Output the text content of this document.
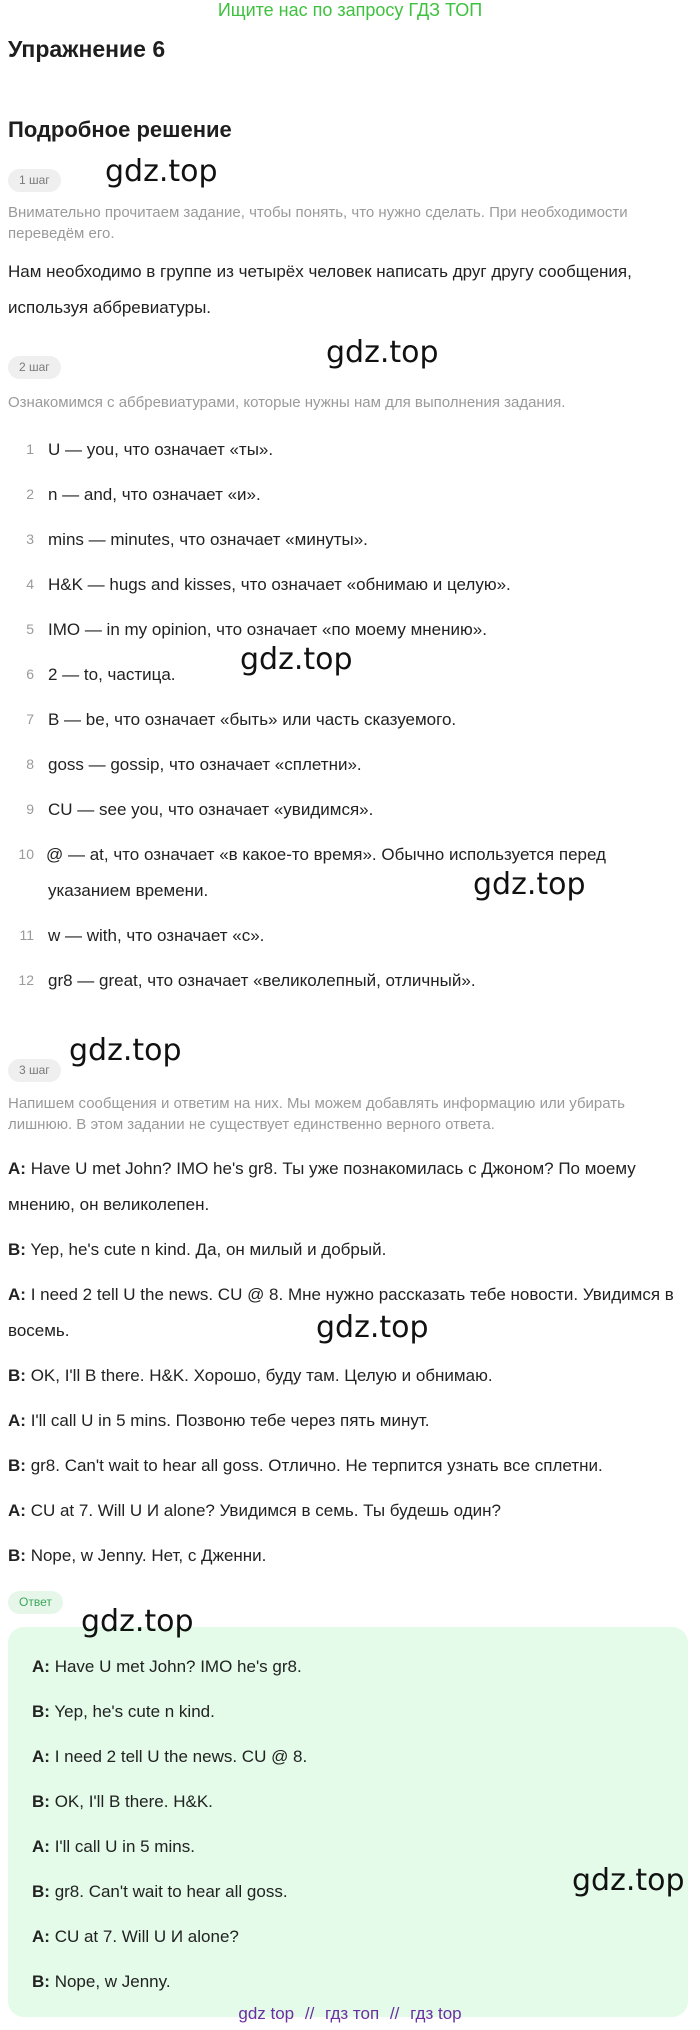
Ищите нас по запросу ГДЗ ТОП
Упражнение 6
Подробное решение
1 шаг
Внимательно прочитаем задание, чтобы понять, что нужно сделать. При необходимости переведём его.
Нам необходимо в группе из четырёх человек написать друг другу сообщения, используя аббревиатуры.
2 шаг
Ознакомимся с аббревиатурами, которые нужны нам для выполнения задания.
1 U — you, что означает «ты».
2 n — and, что означает «и».
3 mins — minutes, что означает «минуты».
4 H&K — hugs and kisses, что означает «обнимаю и целую».
5 IMO — in my opinion, что означает «по моему мнению».
6 2 — to, частица.
7 B — be, что означает «быть» или часть сказуемого.
8 goss — gossip, что означает «сплетни».
9 CU — see you, что означает «увидимся».
10 @ — at, что означает «в какое-то время». Обычно используется перед указанием времени.
11 w — with, что означает «с».
12 gr8 — great, что означает «великолепный, отличный».
3 шаг
Напишем сообщения и ответим на них. Мы можем добавлять информацию или убирать лишнюю. В этом задании не существует единственно верного ответа.
A: Have U met John? IMO he's gr8. Ты уже познакомилась с Джоном? По моему мнению, он великолепен.
B: Yep, he's cute n kind. Да, он милый и добрый.
A: I need 2 tell U the news. CU @ 8. Мне нужно рассказать тебе новости. Увидимся в восемь.
B: OK, I'll B there. H&K. Хорошо, буду там. Целую и обнимаю.
A: I'll call U in 5 mins. Позвоню тебе через пять минут.
B: gr8. Can't wait to hear all goss. Отлично. Не терпится узнать все сплетни.
A: CU at 7. Will U И alone? Увидимся в семь. Ты будешь один?
B: Nope, w Jenny. Нет, с Дженни.
Ответ
A: Have U met John? IMO he's gr8.
B: Yep, he's cute n kind.
A: I need 2 tell U the news. CU @ 8.
B: OK, I'll B there. H&K.
A: I'll call U in 5 mins.
B: gr8. Can't wait to hear all goss.
A: CU at 7. Will U И alone?
B: Nope, w Jenny.
gdz.top
gdz.top
gdz.top
gdz.top
gdz.top
gdz.top
gdz.top
gdz.top
gdz top // гдз топ // гдз top
